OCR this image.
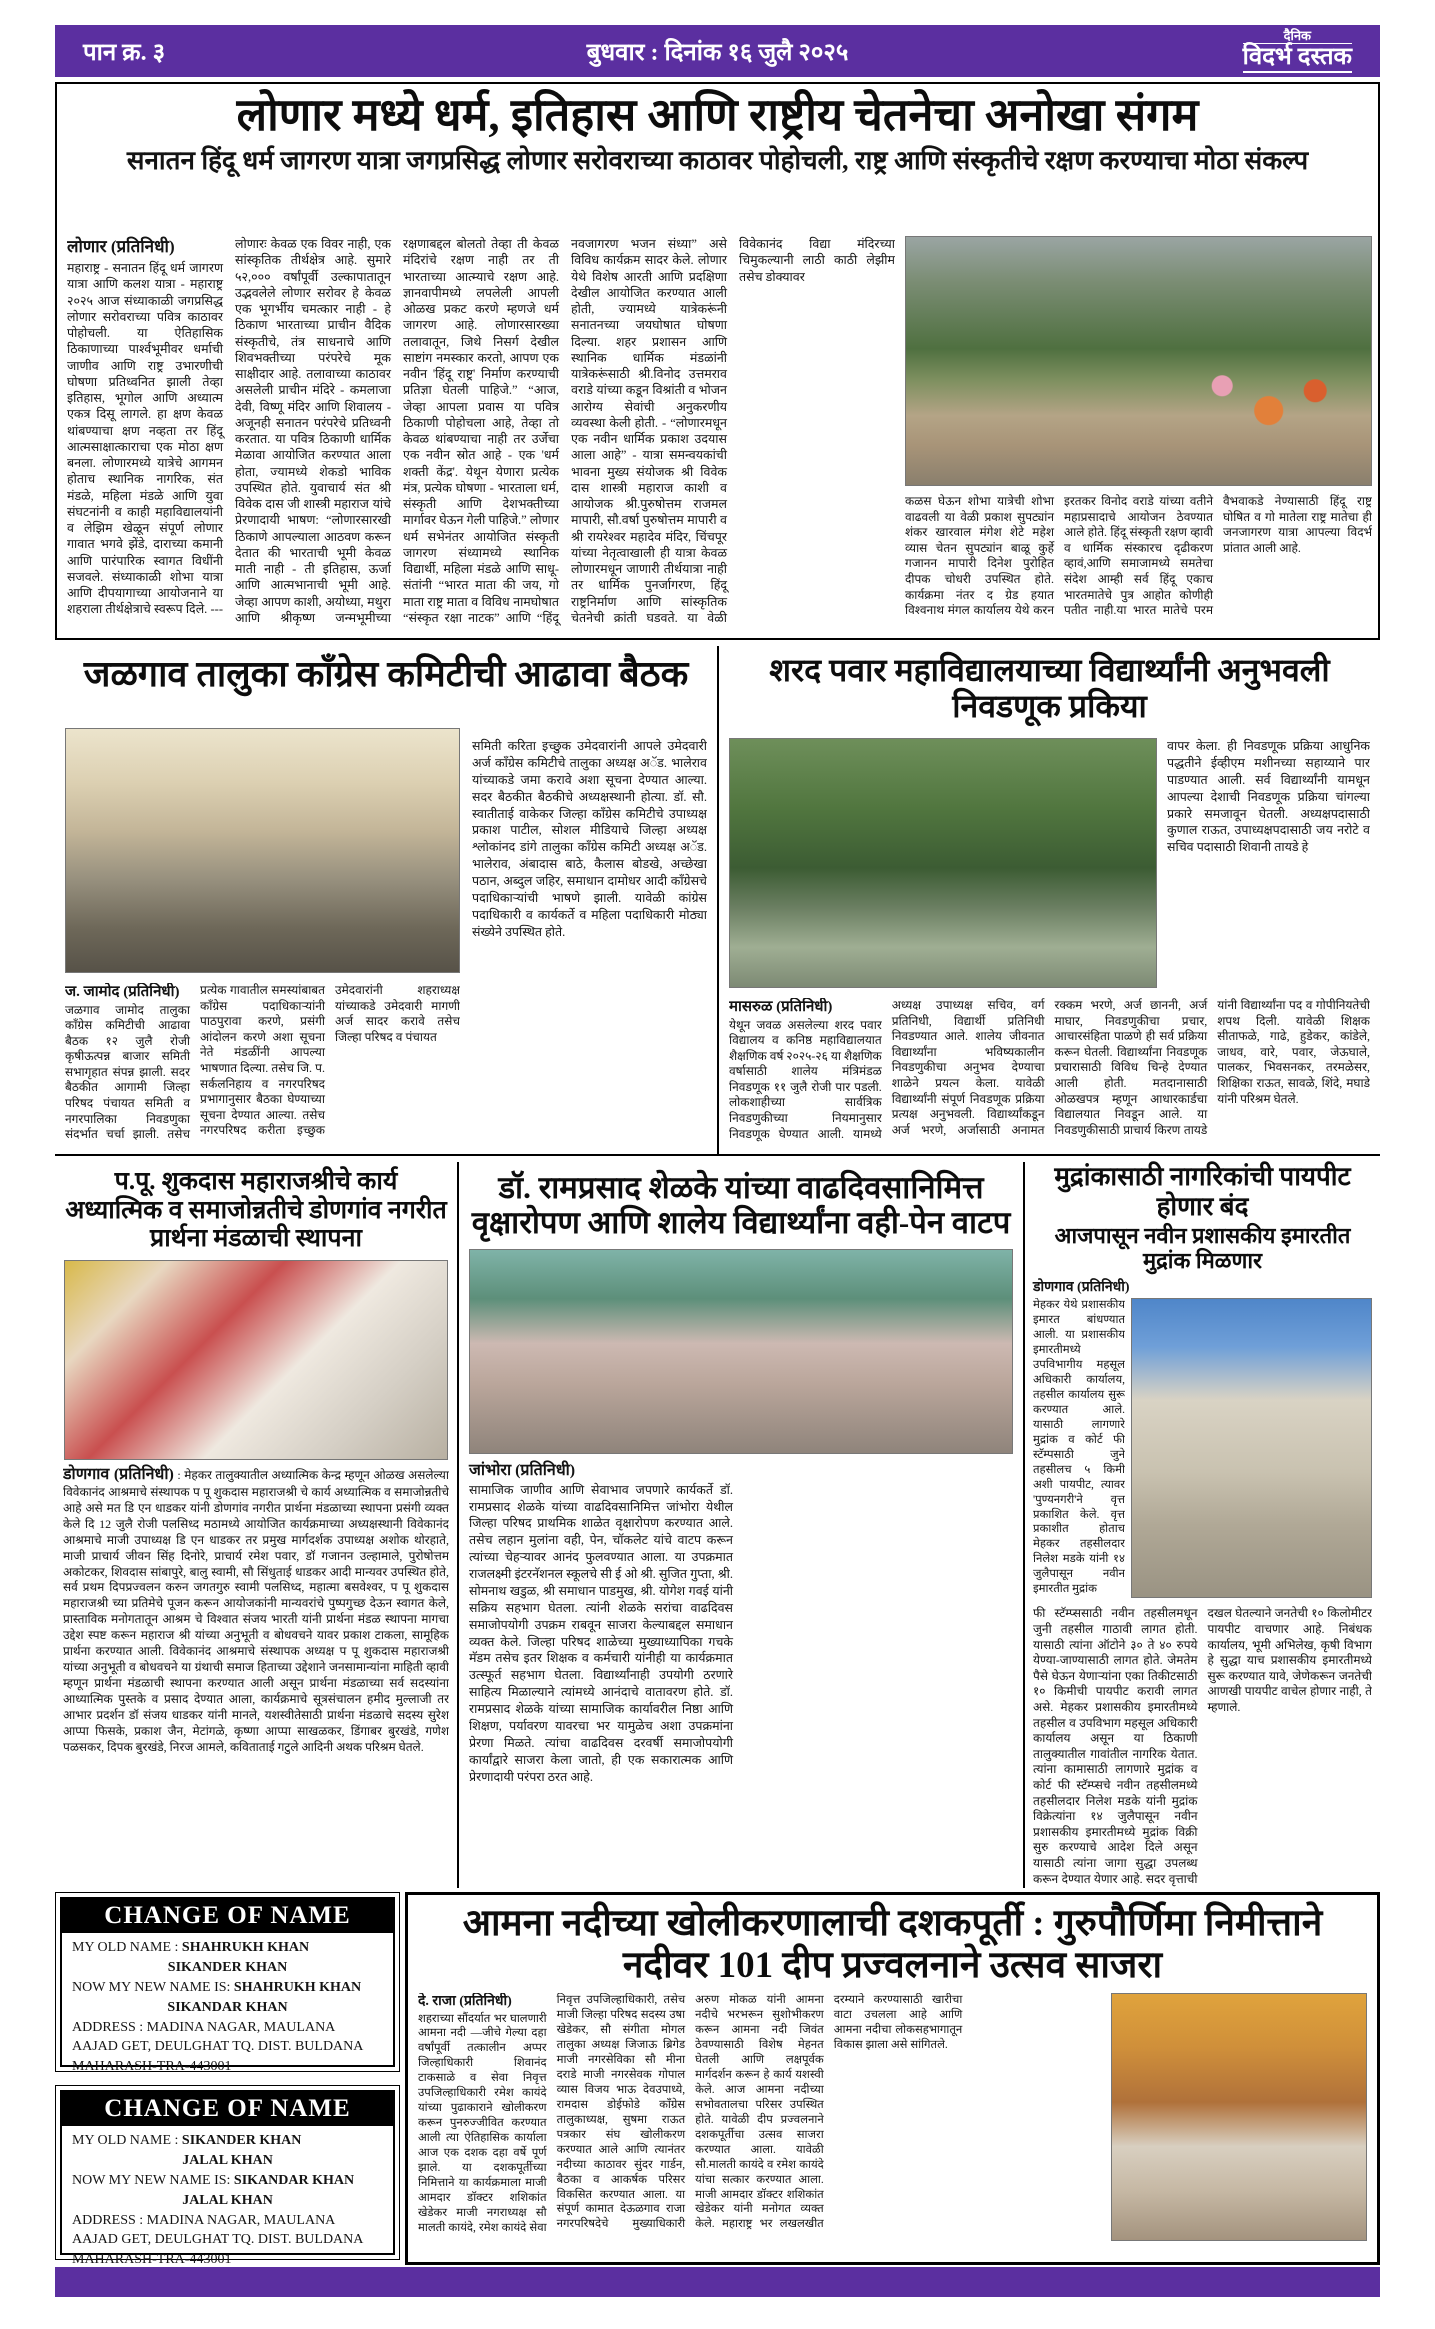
पान क्र. ३	बुधवार : दिनांक १६ जुलै २०२५
दैनिक
विदर्भ दस्तक
लोणार मध्ये धर्म, इतिहास आणि राष्ट्रीय चेतनेचा अनोखा संगम
सनातन हिंदू धर्म जागरण यात्रा जगप्रसिद्ध लोणार सरोवराच्या काठावर पोहोचली, राष्ट्र आणि संस्कृतीचे रक्षण करण्याचा मोठा संकल्प
लोणार (प्रतिनिधी)
महाराष्ट्र - सनातन हिंदू धर्म जागरण यात्रा आणि कलश यात्रा - महाराष्ट्र २०२५ आज संध्याकाळी जगप्रसिद्ध लोणार सरोवराच्या पवित्र काठावर पोहोचली. या ऐतिहासिक ठिकाणाच्या पार्श्वभूमीवर धर्माची जाणीव आणि राष्ट्र उभारणीची घोषणा प्रतिध्वनित झाली तेव्हा इतिहास, भूगोल आणि अध्यात्म एकत्र दिसू लागले. हा क्षण केवळ थांबण्याचा क्षण नव्हता तर हिंदू आत्मसाक्षात्काराचा एक मोठा क्षण बनला. लोणारमध्ये यात्रेचे आगमन होताच स्थानिक नागरिक, संत मंडळे, महिला मंडळे आणि युवा संघटनांनी व काही महाविद्यालयांनी व लेझिम खेळून संपूर्ण लोणार गावात भगवे झेंडे, दाराच्या कमानी आणि पारंपारिक स्वागत विधींनी सजवले. संध्याकाळी शोभा यात्रा आणि दीपयागाच्या आयोजनाने या शहराला तीर्थक्षेत्राचे स्वरूप दिले. --- लोणारः केवळ एक विवर नाही, एक सांस्कृतिक तीर्थक्षेत्र आहे. सुमारे ५२,००० वर्षांपूर्वी उल्कापातातून उद्भवलेले लोणार सरोवर हे केवळ एक भूगर्भीय चमत्कार नाही - हे ठिकाण भारताच्या प्राचीन वैदिक संस्कृतीचे, तंत्र साधनाचे आणि शिवभक्तीच्या परंपरेचे मूक साक्षीदार आहे. तलावाच्या काठावर असलेली प्राचीन मंदिरे - कमलाजा देवी, विष्णू मंदिर आणि शिवालय - अजूनही सनातन परंपरेचे प्रतिध्वनी करतात. या पवित्र ठिकाणी धार्मिक मेळावा आयोजित करण्यात आला होता, ज्यामध्ये शेकडो भाविक उपस्थित होते. युवाचार्य संत श्री विवेक दास जी शास्त्री महाराज यांचे प्रेरणादायी भाषण: “लोणारसारखी ठिकाणे आपल्याला आठवण करून देतात की भारताची भूमी केवळ माती नाही - ती इतिहास, ऊर्जा आणि आत्मभानाची भूमी आहे. जेव्हा आपण काशी, अयोध्या, मथुरा आणि श्रीकृष्ण जन्मभूमीच्या रक्षणाबद्दल बोलतो तेव्हा ती केवळ मंदिरांचे रक्षण नाही तर ती भारताच्या आत्म्याचे रक्षण आहे. ज्ञानवापीमध्ये लपलेली आपली ओळख प्रकट करणे म्हणजे धर्म जागरण आहे. लोणारसारख्या तलावातून, जिथे निसर्ग देखील साष्टांग नमस्कार करतो, आपण एक नवीन 'हिंदू राष्ट्र' निर्माण करण्याची प्रतिज्ञा घेतली पाहिजे.” “आज, जेव्हा आपला प्रवास या पवित्र ठिकाणी पोहोचला आहे, तेव्हा तो केवळ थांबण्याचा नाही तर उर्जेचा एक नवीन स्रोत आहे - एक 'धर्म शक्ती केंद्र'. येथून येणारा प्रत्येक मंत्र, प्रत्येक घोषणा - भारताला धर्म, संस्कृती आणि देशभक्तीच्या मार्गावर घेऊन गेली पाहिजे.” लोणार धर्म सभेनंतर आयोजित संस्कृती जागरण संध्यामध्ये स्थानिक विद्यार्थी, महिला मंडळे आणि साधू-संतांनी “भारत माता की जय, गो माता राष्ट्र माता व विविध नामघोषात “संस्कृत रक्षा नाटक” आणि “हिंदू नवजागरण भजन संध्या” असे विविध कार्यक्रम सादर केले. लोणार येथे विशेष आरती आणि प्रदक्षिणा देखील आयोजित करण्यात आली होती, ज्यामध्ये यात्रेकरूंनी सनातनच्या जयघोषात घोषणा दिल्या. शहर प्रशासन आणि स्थानिक धार्मिक मंडळांनी यात्रेकरूंसाठी श्री.विनोद उत्तमराव वराडे यांच्या कडून विश्रांती व भोजन आरोग्य सेवांची अनुकरणीय व्यवस्था केली होती. - “लोणारमधून एक नवीन धार्मिक प्रकाश उदयास आला आहे” - यात्रा समन्वयकांची भावना मुख्य संयोजक श्री विवेक दास शास्त्री महाराज काशी व आयोजक श्री.पुरुषोत्तम राजमल मापारी, सौ.वर्षा पुरुषोत्तम मापारी व श्री रायरेश्वर महादेव मंदिर, चिंचपूर यांच्या नेतृत्वाखाली ही यात्रा केवळ लोणारमधून जाणारी तीर्थयात्रा नाही तर धार्मिक पुनर्जागरण, हिंदू राष्ट्रनिर्माण आणि सांस्कृतिक चेतनेची क्रांती घडवते. या वेळी विवेकानंद विद्या मंदिरच्या चिमुकल्यानी लाठी काठी लेझीम तसेच डोक्यावर
कळस घेऊन शोभा यात्रेची शोभा वाढवली या वेळी प्रकाश सुपट्यांन शंकर खारवाल मंगेश शेटे महेश व्यास चेतन सुपट्यांन बाळू कुर्हे गजानन मापारी दिनेश पुरोहित दीपक चोधरी उपस्थित होते. कार्यक्रमा नंतर द ग्रेड हयात विश्वनाथ मंगल कार्यालय येथे करन इरतकर विनोद वराडे यांच्या वतीने महाप्रसादाचे आयोजन ठेवण्यात आले होते. हिंदू संस्कृती रक्षण व्हावी व धार्मिक संस्कारच दृढीकरण व्हावं,आणि समाजामध्ये समतेचा संदेश आम्ही सर्व हिंदू एकाच भारतमातेचे पुत्र आहोत कोणीही पतीत नाही.या भारत मातेचे परम वैभवाकडे नेण्यासाठी हिंदू राष्ट्र घोषित व गो मातेला राष्ट्र मातेचा ही जनजागरण यात्रा आपल्या विदर्भ प्रांतात आली आहे.
जळगाव तालुका काँग्रेस कमिटीची आढावा बैठक
समिती करिता इच्छुक उमेदवारांनी आपले उमेदवारी अर्ज काँग्रेस कमिटीचे तालुका अध्यक्ष अॅड. भालेराव यांच्याकडे जमा करावे अशा सूचना देण्यात आल्या. सदर बैठकीत बैठकीचे अध्यक्षस्थानी होत्या. डॉ. सौ. स्वातीताई वाकेकर जिल्हा काँग्रेस कमिटीचे उपाध्यक्ष प्रकाश पाटील, सोशल मीडियाचे जिल्हा अध्यक्ष श्लोकांनद डांगे तालुका काँग्रेस कमिटी अध्यक्ष अॅड. भालेराव, अंबादास बाठे, कैलास बोडखे, अच्छेखा पठान, अब्दुल जहिर, समाधान दामोधर आदी काँग्रेसचे पदाधिकाऱ्यांची भाषणे झाली. यावेळी कांग्रेस पदाधिकारी व कार्यकर्ते व महिला पदाधिकारी मोठ्या संख्येने उपस्थित होते.
ज. जामोद (प्रतिनिधी)
जळगाव जामोद तालुका काँग्रेस कमिटीची आढावा बैठक १२ जुलै रोजी कृषीऊत्पन्न बाजार समिती सभागृहात संपन्न झाली. सदर बैठकीत आगामी जिल्हा परिषद पंचायत समिती व नगरपालिका निवडणुका संदर्भात चर्चा झाली. तसेच प्रत्येक गावातील समस्यांबाबत काँग्रेस पदाधिकाऱ्यांनी पाठपुरावा करणे, प्रसंगी आंदोलन करणे अशा सूचना नेते मंडळींनी आपल्या भाषणात दिल्या. तसेच जि. प. सर्कलनिहाय व नगरपरिषद प्रभागानुसार बैठका घेण्याच्या सूचना देण्यात आल्या. तसेच नगरपरिषद करीता इच्छुक उमेदवारांनी शहराध्यक्ष यांच्याकडे उमेदवारी मागणी अर्ज सादर करावे तसेच जिल्हा परिषद व पंचायत
शरद पवार महाविद्यालयाच्या विद्यार्थ्यांनी अनुभवली निवडणूक प्रकिया
वापर केला. ही निवडणूक प्रक्रिया आधुनिक पद्धतीने ईव्हीएम मशीनच्या सहाय्याने पार पाडण्यात आली. सर्व विद्यार्थ्यांनी यामधून आपल्या देशाची निवडणूक प्रक्रिया चांगल्या प्रकारे समजावून घेतली. अध्यक्षपदासाठी कुणाल राऊत, उपाध्यक्षपदासाठी जय नरोटे व सचिव पदासाठी शिवानी तायडे हे
मासरुळ (प्रतिनिधी)
येथून जवळ असलेल्या शरद पवार विद्यालय व कनिष्ठ महाविद्यालयात शैक्षणिक वर्ष २०२५-२६ या शैक्षणिक वर्षासाठी शालेय मंत्रिमंडळ निवडणूक ११ जुलै रोजी पार पडली. लोकशाहीच्या सार्वत्रिक निवडणुकीच्या नियमानुसार निवडणूक घेण्यात आली. यामध्ये अध्यक्ष उपाध्यक्ष सचिव, वर्ग प्रतिनिधी, विद्यार्थी प्रतिनिधी निवडण्यात आले. शालेय जीवनात विद्यार्थ्यांना भविष्यकालीन निवडणुकीचा अनुभव देण्याचा शाळेने प्रयत्न केला. यावेळी विद्यार्थ्यांनी संपूर्ण निवडणूक प्रक्रिया प्रत्यक्ष अनुभवली. विद्यार्थ्यांकडून अर्ज भरणे, अर्जासाठी अनामत रक्कम भरणे, अर्ज छाननी, अर्ज माघार, निवडणुकीचा प्रचार, आचारसंहिता पाळणे ही सर्व प्रक्रिया करून घेतली. विद्यार्थ्यांना निवडणूक प्रचारासाठी विविध चिन्हे देण्यात आली होती. मतदानासाठी ओळखपत्र म्हणून आधारकार्डचा विद्यालयात निवडून आले. या निवडणुकीसाठी प्राचार्य किरण तायडे यांनी विद्यार्थ्यांना पद व गोपीनियतेची शपथ दिली. यावेळी शिक्षक सीताफळे, गाढे, हुडेकर, कांडेले, जाधव, वारे, पवार, जेऊघाले, पालकर, भिवसनकर, तरमळेसर, शिक्षिका राऊत, सावळे, शिंदे, मघाडे यांनी परिश्रम घेतले.
प.पू. शुकदास महाराजश्रीचे कार्य अध्यात्मिक व समाजोन्नतीचे डोणगांव नगरीत प्रार्थना मंडळाची स्थापना
डोणगाव (प्रतिनिधी) : मेहकर तालुक्यातील अध्यात्मिक केन्द्र म्हणून ओळख असलेल्या विवेकानंद आश्रमाचे संस्थापक प पू शुकदास महाराजश्री चे कार्य अध्यात्मिक व समाजोन्नतीचे आहे असे मत डि एन धाडकर यांनी डोणगांव नगरीत प्रार्थना मंडळाच्या स्थापना प्रसंगी व्यक्त केले दि 12 जुलै रोजी पलसिध्द मठामध्ये आयोजित कार्यक्रमाच्या अध्यक्षस्थानी विवेकानंद आश्रमाचे माजी उपाध्यक्ष डि एन धाडकर तर प्रमुख मार्गदर्शक उपाध्यक्ष अशोक थोरहाते, माजी प्राचार्य जीवन सिंह दिनोरे, प्राचार्य रमेश पवार, डॉ गजानन उल्हामाले, पुरोषोत्तम अकोटकर, शिवदास सांबापुरे, बालु स्वामी, सौ सिंधुताई धाडकर आदी मान्यवर उपस्थित होते, सर्व प्रथम दिपप्रज्वलन करुन जगतगुरु स्वामी पलसिध्द, महात्मा बसवेश्वर, प पू शुकदास महाराजश्री च्या प्रतिमेचे पूजन करून आयोजकांनी मान्यवरांचे पुष्पगुच्छ देऊन स्वागत केले, प्रास्ताविक मनोगतातून आश्रम चे विश्वात संजय भारती यांनी प्रार्थना मंडळ स्थापना मागचा उद्देश स्पष्ट करून महाराज श्री यांच्या अनुभूती व बोधवचने यावर प्रकाश टाकला, सामूहिक प्रार्थना करण्यात आली. विवेकानंद आश्रमाचे संस्थापक अध्यक्ष प पू शुकदास महाराजश्री यांच्या अनुभूती व बोधवचने या ग्रंथाची समाज हिताच्या उद्देशाने जनसामान्यांना माहिती व्हावी म्हणून प्रार्थना मंडळाची स्थापना करण्यात आली असून प्रार्थना मंडळाच्या सर्व सदस्यांना आध्यात्मिक पुस्तके व प्रसाद देण्यात आला, कार्यक्रमाचे सूत्रसंचालन हमीद मुल्लाजी तर आभार प्रदर्शन डॉ संजय धाडकर यांनी मानले, यशस्वीतेसाठी प्रार्थना मंडळाचे सदस्य सुरेश आप्पा फिसके, प्रकाश जैन, मेटांगळे, कृष्णा आप्पा साखळकर, डिंगाबर बुरखंडे, गणेश पळसकर, दिपक बुरखंडे, निरज आमले, कविताताई गटुले आदिनी अथक परिश्रम घेतले.
डॉ. रामप्रसाद शेळके यांच्या वाढदिवसानिमित्त वृक्षारोपण आणि शालेय विद्यार्थ्यांना वही-पेन वाटप
जांभोरा (प्रतिनिधी)
सामाजिक जाणीव आणि सेवाभाव जपणारे कार्यकर्ते डॉ. रामप्रसाद शेळके यांच्या वाढदिवसानिमित्त जांभोरा येथील जिल्हा परिषद प्राथमिक शाळेत वृक्षारोपण करण्यात आले. तसेच लहान मुलांना वही, पेन, चॉकलेट यांचे वाटप करून त्यांच्या चेहऱ्यावर आनंद फुलवण्यात आला. या उपक्रमात राजलक्ष्मी इंटरनॅशनल स्कूलचे सी ई ओ श्री. सुजित गुप्ता, श्री. सोमनाथ खडुळ, श्री समाधान पाडमुख, श्री. योगेश गवई यांनी सक्रिय सहभाग घेतला. त्यांनी शेळके सरांचा वाढदिवस समाजोपयोगी उपक्रम राबवून साजरा केल्याबद्दल समाधान व्यक्त केले. जिल्हा परिषद शाळेच्या मुख्याध्यापिका गचके मॅडम तसेच इतर शिक्षक व कर्मचारी यांनीही या कार्यक्रमात उत्स्फूर्त सहभाग घेतला. विद्यार्थ्यांनाही उपयोगी ठरणारे साहित्य मिळाल्याने त्यांमध्ये आनंदाचे वातावरण होते. डॉ. रामप्रसाद शेळके यांच्या सामाजिक कार्यावरील निष्ठा आणि शिक्षण, पर्यावरण यावरचा भर यामुळेच अशा उपक्रमांना प्रेरणा मिळते. त्यांचा वाढदिवस दरवर्षी समाजोपयोगी कार्यांद्वारे साजरा केला जातो, ही एक सकारात्मक आणि प्रेरणादायी परंपरा ठरत आहे.
मुद्रांकासाठी नागरिकांची पायपीट होणार बंद
आजपासून नवीन प्रशासकीय इमारतीत मुद्रांक मिळणार
डोणगाव (प्रतिनिधी)
मेहकर येथे प्रशासकीय इमारत बांधण्यात आली. या प्रशासकीय इमारतीमध्ये उपविभागीय महसूल अधिकारी कार्यालय, तहसील कार्यालय सुरू करण्यात आले. यासाठी लागणारे मुद्रांक व कोर्ट फी स्टॅम्पसाठी जुने तहसीलच ५ किमी अशी पायपीट, त्यावर 'पुण्यनगरी'ने वृत्त प्रकाशित केले. वृत्त प्रकाशीत होताच मेहकर तहसीलदार निलेश मडके यांनी १४ जुलैपासून नवीन इमारतीत मुद्रांक
फी स्टॅम्प्ससाठी नवीन तहसीलमधून जुनी तहसील गाठावी लागत होती. यासाठी त्यांना ऑटोने ३० ते ४० रुपये येण्या-जाण्यासाठी लागत होते. जेमतेम पैसे घेऊन येणाऱ्यांना एका तिकीटसाठी १० किमीची पायपीट करावी लागत असे. मेहकर प्रशासकीय इमारतीमध्ये तहसील व उपविभाग महसूल अधिकारी कार्यालय असून या ठिकाणी तालुक्यातील गावांतील नागरिक येतात. त्यांना कामासाठी लागणारे मुद्रांक व कोर्ट फी स्टॅम्प्सचे नवीन तहसीलमध्ये तहसीलदार निलेश मडके यांनी मुद्रांक विक्रेत्यांना १४ जुलैपासून नवीन प्रशासकीय इमारतीमध्ये मुद्रांक विक्री सुरु करण्याचे आदेश दिले असून यासाठी त्यांना जागा सुद्धा उपलब्ध करून देण्यात येणार आहे. सदर वृत्ताची दखल घेतल्याने जनतेची १० किलोमीटर पायपीट वाचणार आहे. निबंधक कार्यालय, भूमी अभिलेख, कृषी विभाग हे सुद्धा याच प्रशासकीय इमारतीमध्ये सुरू करण्यात यावे, जेणेकरून जनतेची आणखी पायपीट वाचेल होणार नाही, ते म्हणाले.
CHANGE OF NAME
MY OLD NAME : SHAHRUKH KHAN
SIKANDER KHAN
NOW MY NEW NAME IS: SHAHRUKH KHAN
SIKANDAR KHAN
ADDRESS : MADINA NAGAR, MAULANA AAJAD GET, DEULGHAT TQ. DIST. BULDANA MAHARASH-TRA-443001
CHANGE OF NAME
MY OLD NAME : SIKANDER KHAN
JALAL KHAN
NOW MY NEW NAME IS: SIKANDAR KHAN
JALAL KHAN
ADDRESS : MADINA NAGAR, MAULANA AAJAD GET, DEULGHAT TQ. DIST. BULDANA MAHARASH-TRA-443001
आमना नदीच्या खोलीकरणालाची दशकपूर्ती : गुरुपौर्णिमा निमीत्ताने नदीवर 101 दीप प्रज्वलनाने उत्सव साजरा
दे. राजा (प्रतिनिधी)
शहराच्या सौंदर्यात भर घालणारी आमना नदी —जीचे गेल्या दहा वर्षांपूर्वी तत्कालीन अप्पर जिल्हाधिकारी शिवानंद टाकसाळे व सेवा निवृत्त उपजिल्हाधिकारी रमेश कायंदे यांच्या पुढाकाराने खोलीकरण करून पुनरुज्जीवित करण्यात आली त्या ऐतिहासिक कार्याला आज एक दशक दहा वर्षे पूर्ण झाले. या दशकपूर्तीच्या निमित्ताने या कार्यक्रमाला माजी आमदार डॉक्टर शशिकांत खेडेकर माजी नगराध्यक्ष सौ मालती कायंदे, रमेश कायंदे सेवा निवृत्त उपजिल्हाधिकारी, तसेच माजी जिल्हा परिषद सदस्य उषा खेडेकर, सौ संगीता मोगल तालुका अध्यक्ष जिजाऊ ब्रिगेड माजी नगरसेविका सौ मीना दराडे माजी नगरसेवक गोपाल व्यास विजय भाऊ देवउपाध्ये, रामदास डोईफोडे काँग्रेस तालुकाध्यक्ष, सुषमा राऊत पत्रकार संघ खोलीकरण करण्यात आले आणि त्यानंतर नदीच्या काठावर सुंदर गार्डन, बैठका व आकर्षक परिसर विकसित करण्यात आला. या संपूर्ण कामात देऊळगाव राजा नगरपरिषदेचे मुख्याधिकारी अरुण मोकळ यांनी आमना नदीचे भरभरून सुशोभीकरण करून आमना नदी जिवंत ठेवण्यासाठी विशेष मेहनत घेतली आणि लक्षपूर्वक मार्गदर्शन करून हे कार्य यशस्वी केले. आज आमना नदीच्या सभोवतालचा परिसर उपस्थित होते. यावेळी दीप प्रज्वलनाने दशकपूर्तीचा उत्सव साजरा करण्यात आला. यावेळी सौ.मालती कायंदे व रमेश कायंदे यांचा सत्कार करण्यात आला. माजी आमदार डॉक्टर शशिकांत खेडेकर यांनी मनोगत व्यक्त केले. महाराष्ट्र भर लखलखीत दरम्याने करण्यासाठी खारीचा वाटा उचलला आहे आणि आमना नदीचा लोकसहभागातून विकास झाला असे सांगितले.
